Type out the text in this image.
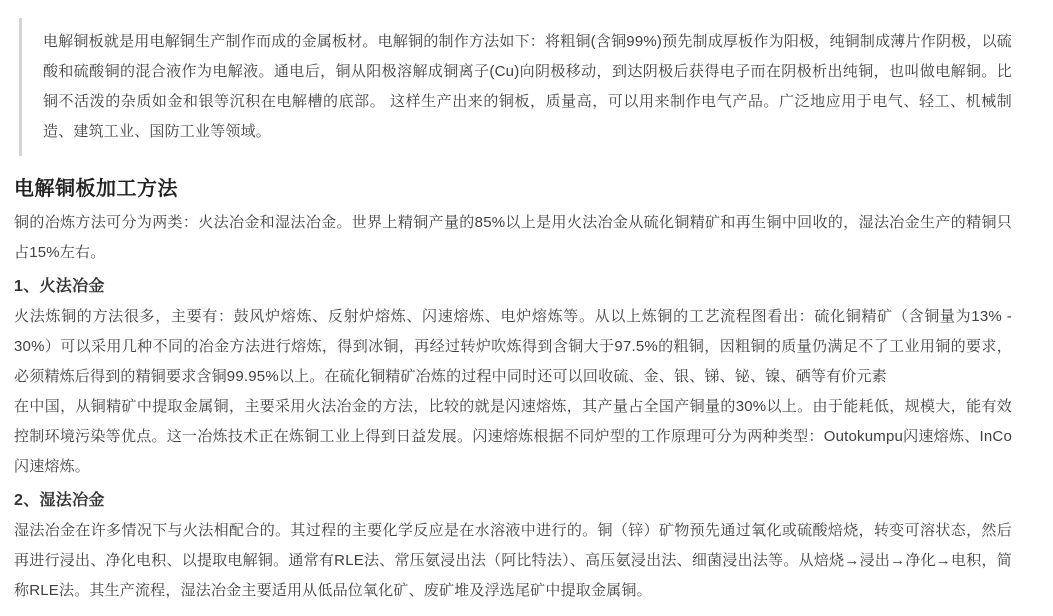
电解铜板就是用电解铜生产制作而成的金属板材。电解铜的制作方法如下：将粗铜(含铜99%)预先制成厚板作为阳极，纯铜制成薄片作阴极，以硫酸和硫酸铜的混合液作为电解液。通电后，铜从阳极溶解成铜离子(Cu)向阴极移动，到达阴极后获得电子而在阴极析出纯铜，也叫做电解铜。比铜不活泼的杂质如金和银等沉积在电解槽的底部。 这样生产出来的铜板，质量高，可以用来制作电气产品。广泛地应用于电气、轻工、机械制造、建筑工业、国防工业等领域。

电解铜板加工方法

铜的冶炼方法可分为两类：火法冶金和湿法冶金。世界上精铜产量的85%以上是用火法冶金从硫化铜精矿和再生铜中回收的，湿法冶金生产的精铜只占15%左右。

1、火法冶金

火法炼铜的方法很多，主要有：鼓风炉熔炼、反射炉熔炼、闪速熔炼、电炉熔炼等。从以上炼铜的工艺流程图看出：硫化铜精矿（含铜量为13% - 30%）可以采用几种不同的冶金方法进行熔炼，得到冰铜，再经过转炉吹炼得到含铜大于97.5%的粗铜，因粗铜的质量仍满足不了工业用铜的要求，必须精炼后得到的精铜要求含铜99.95%以上。在硫化铜精矿冶炼的过程中同时还可以回收硫、金、银、锑、铋、镍、硒等有价元素

在中国，从铜精矿中提取金属铜，主要采用火法冶金的方法，比较的就是闪速熔炼，其产量占全国产铜量的30%以上。由于能耗低，规模大，能有效控制环境污染等优点。这一冶炼技术正在炼铜工业上得到日益发展。闪速熔炼根据不同炉型的工作原理可分为两种类型：Outokumpu闪速熔炼、InCo闪速熔炼。

2、湿法冶金

湿法冶金在许多情况下与火法相配合的。其过程的主要化学反应是在水溶液中进行的。铜（锌）矿物预先通过氧化或硫酸焙烧，转变可溶状态，然后再进行浸出、净化电积、以提取电解铜。通常有RLE法、常压氨浸出法（阿比特法）、高压氨浸出法、细菌浸出法等。从焙烧→浸出→净化→电积，简称RLE法。其生产流程，湿法冶金主要适用从低品位氧化矿、废矿堆及浮选尾矿中提取金属铜。
